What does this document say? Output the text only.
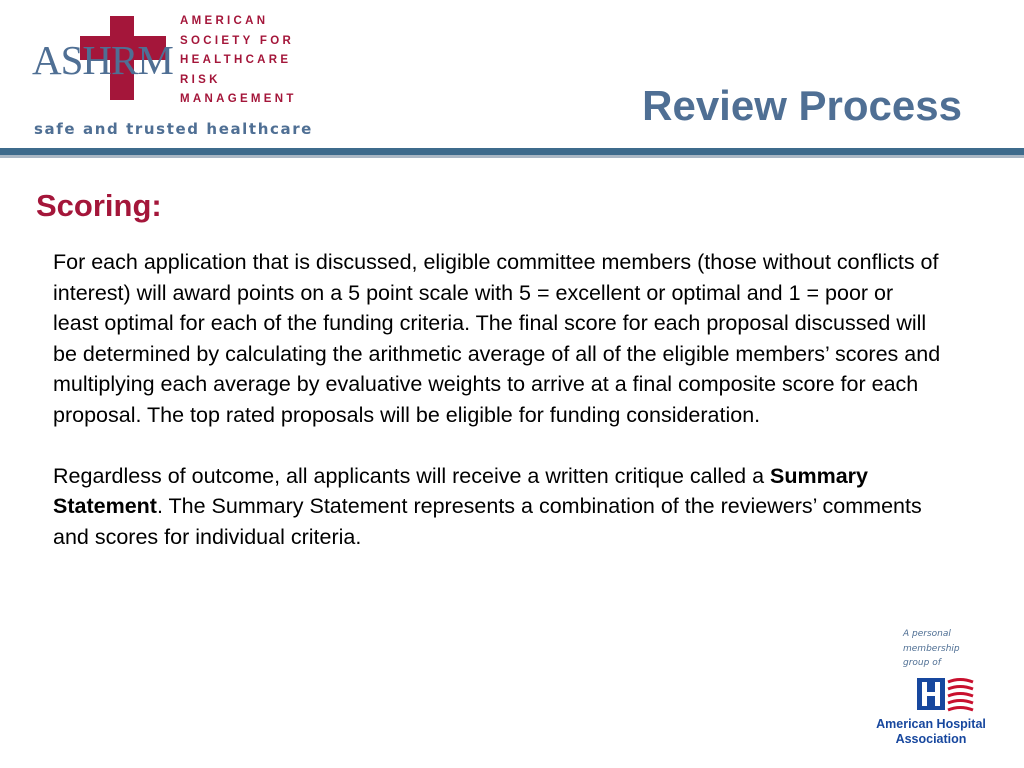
ASHRM
AMERICAN
SOCIETY FOR
HEALTHCARE
RISK
MANAGEMENT
safe and trusted healthcare	Review Process
Scoring:

For each application that is discussed, eligible committee members (those without conflicts of interest) will award points on a 5 point scale with 5 = excellent or optimal and 1 = poor or least optimal for each of the funding criteria. The final score for each proposal discussed will be determined by calculating the arithmetic average of all of the eligible members’ scores and multiplying each average by evaluative weights to arrive at a final composite score for each proposal. The top rated proposals will be eligible for funding consideration.

Regardless of outcome, all applicants will receive a written critique called a Summary Statement. The Summary Statement represents a combination of the reviewers’ comments and scores for individual criteria.

A personal
membership
group of
American Hospital
Association
